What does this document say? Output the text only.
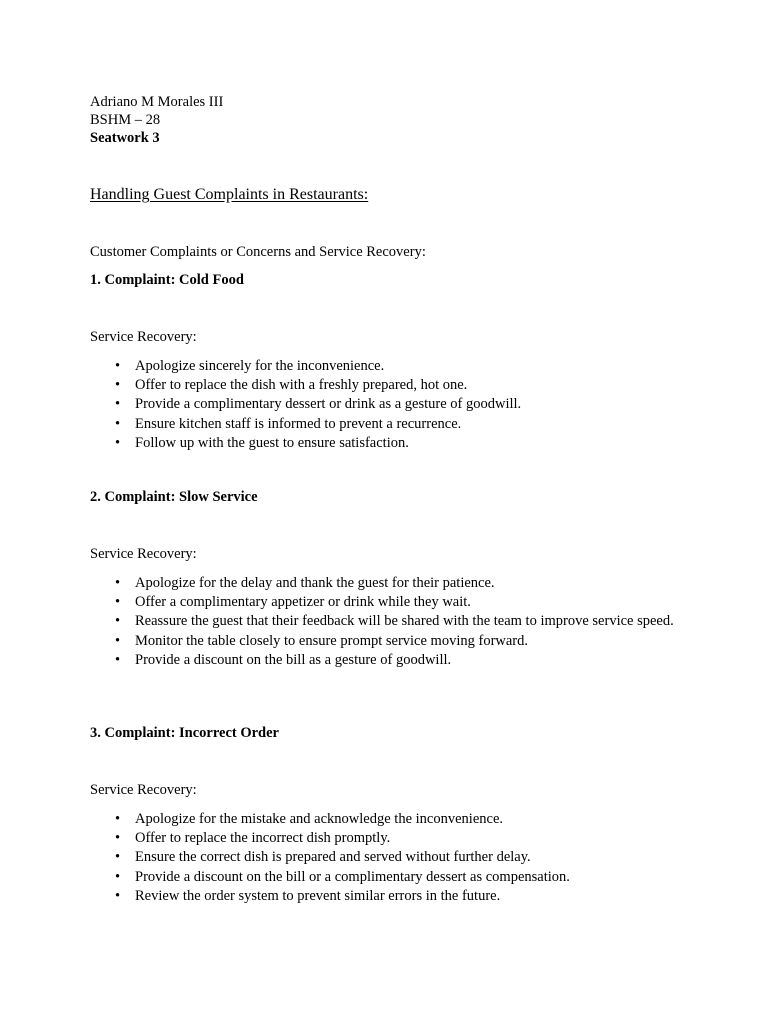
Adriano M Morales III
BSHM – 28
Seatwork 3
Handling Guest Complaints in Restaurants:
Customer Complaints or Concerns and Service Recovery:
1. Complaint: Cold Food
Service Recovery:
• Apologize sincerely for the inconvenience.
• Offer to replace the dish with a freshly prepared, hot one.
• Provide a complimentary dessert or drink as a gesture of goodwill.
• Ensure kitchen staff is informed to prevent a recurrence.
• Follow up with the guest to ensure satisfaction.
2. Complaint: Slow Service
Service Recovery:
• Apologize for the delay and thank the guest for their patience.
• Offer a complimentary appetizer or drink while they wait.
• Reassure the guest that their feedback will be shared with the team to improve service speed.
• Monitor the table closely to ensure prompt service moving forward.
• Provide a discount on the bill as a gesture of goodwill.
3. Complaint: Incorrect Order
Service Recovery:
• Apologize for the mistake and acknowledge the inconvenience.
• Offer to replace the incorrect dish promptly.
• Ensure the correct dish is prepared and served without further delay.
• Provide a discount on the bill or a complimentary dessert as compensation.
• Review the order system to prevent similar errors in the future.
